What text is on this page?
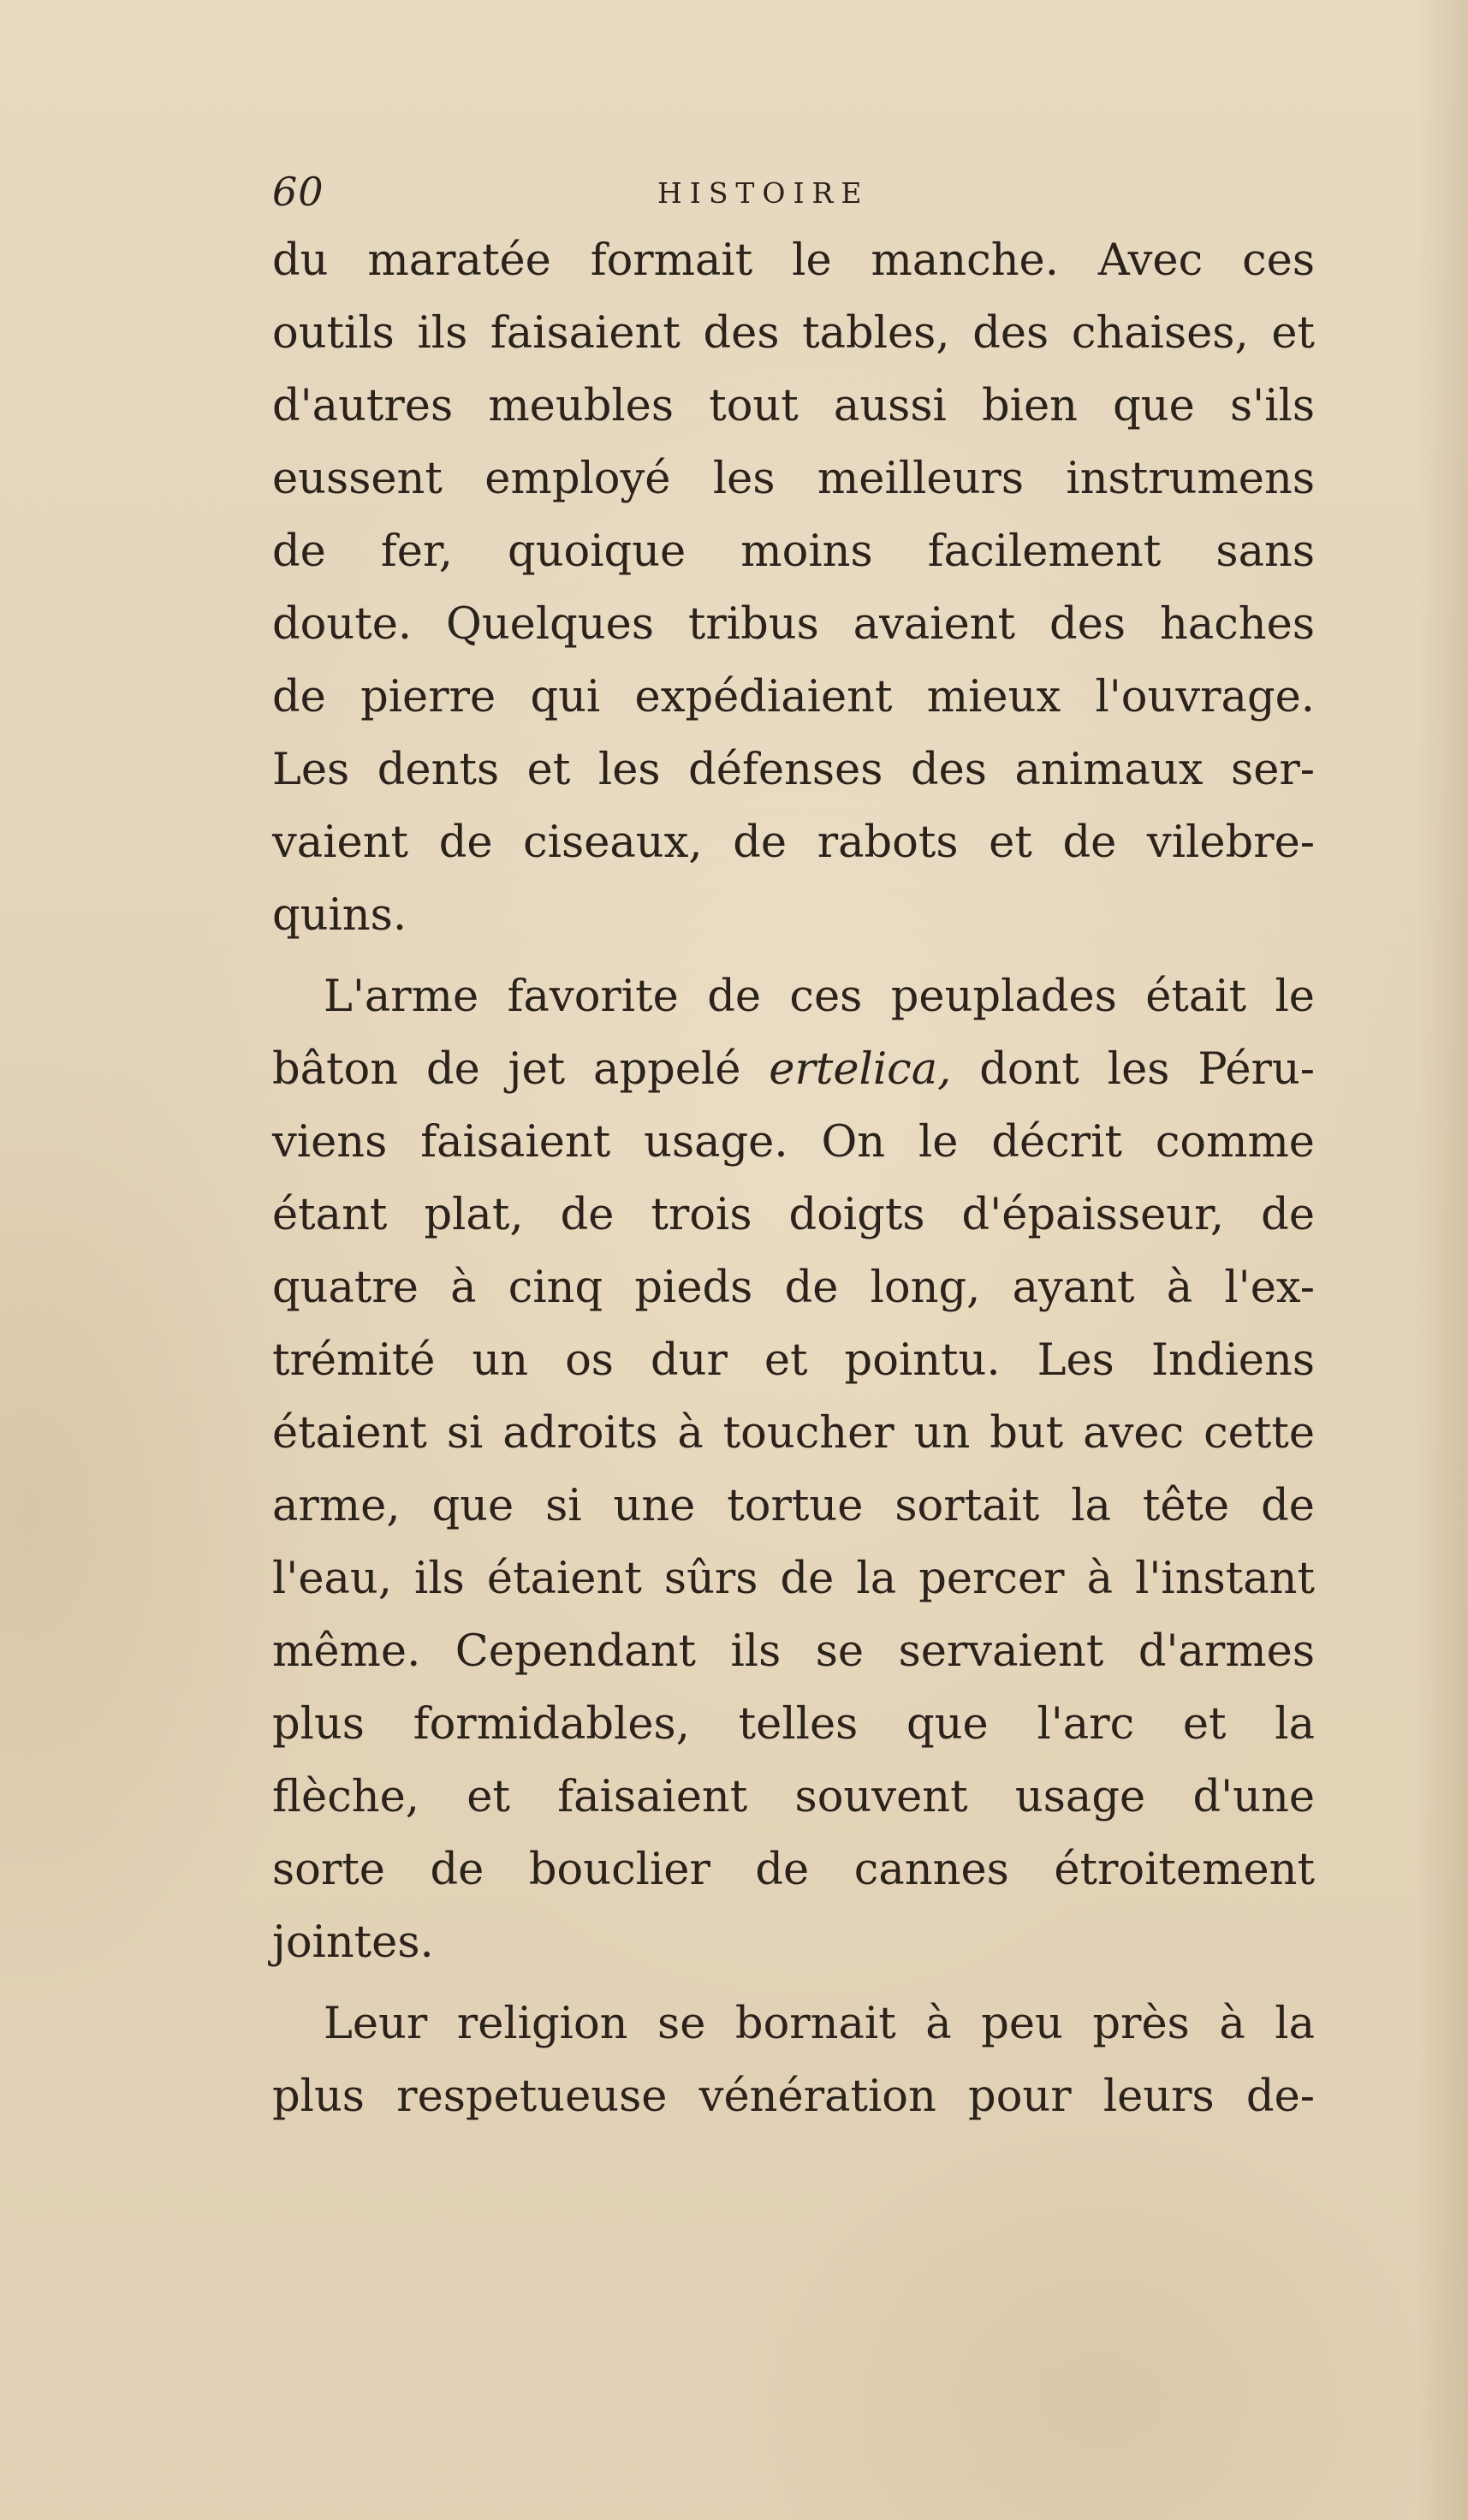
60	HISTOIRE
du maratée formait le manche. Avec ces
outils ils faisaient des tables, des chaises, et
d'autres meubles tout aussi bien que s'ils
eussent employé les meilleurs instrumens
de fer, quoique moins facilement sans
doute. Quelques tribus avaient des haches
de pierre qui expédiaient mieux l'ouvrage.
Les dents et les défenses des animaux ser-
vaient de ciseaux, de rabots et de vilebre-
quins.
L'arme favorite de ces peuplades était le
bâton de jet appelé ertelica, dont les Péru-
viens faisaient usage. On le décrit comme
étant plat, de trois doigts d'épaisseur, de
quatre à cinq pieds de long, ayant à l'ex-
trémité un os dur et pointu. Les Indiens
étaient si adroits à toucher un but avec cette
arme, que si une tortue sortait la tête de
l'eau, ils étaient sûrs de la percer à l'instant
même. Cependant ils se servaient d'armes
plus formidables, telles que l'arc et la
flèche, et faisaient souvent usage d'une
sorte de bouclier de cannes étroitement
jointes.
Leur religion se bornait à peu près à la
plus respetueuse vénération pour leurs de-
